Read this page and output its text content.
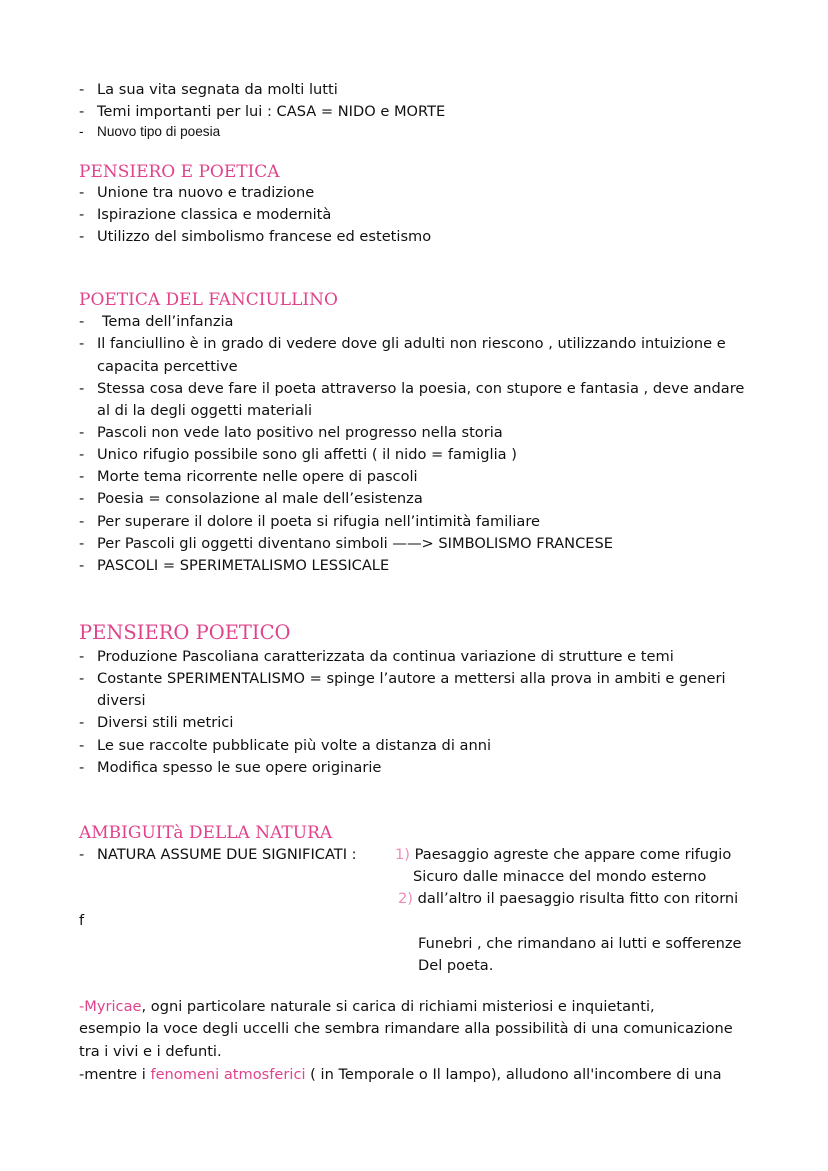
- La sua vita segnata da molti lutti
- Temi importanti per lui : CASA = NIDO e MORTE
- Nuovo tipo di poesia
PENSIERO E POETICA
- Unione tra nuovo e tradizione
- Ispirazione classica e modernità
- Utilizzo del simbolismo francese ed estetismo
POETICA DEL FANCIULLINO
- Tema dell’infanzia
- Il fanciullino è in grado di vedere dove gli adulti non riescono , utilizzando intuizione e
capacita percettive
- Stessa cosa deve fare il poeta attraverso la poesia, con stupore e fantasia , deve andare
al di la degli oggetti materiali
- Pascoli non vede lato positivo nel progresso nella storia
- Unico rifugio possibile sono gli affetti ( il nido = famiglia )
- Morte tema ricorrente nelle opere di pascoli
- Poesia = consolazione al male dell’esistenza
- Per superare il dolore il poeta si rifugia nell’intimità familiare
- Per Pascoli gli oggetti diventano simboli ——> SIMBOLISMO FRANCESE
- PASCOLI = SPERIMETALISMO LESSICALE
PENSIERO POETICO
- Produzione Pascoliana caratterizzata da continua variazione di strutture e temi
- Costante SPERIMENTALISMO = spinge l’autore a mettersi alla prova in ambiti e generi
diversi
- Diversi stili metrici
- Le sue raccolte pubblicate più volte a distanza di anni
- Modifica spesso le sue opere originarie
AMBIGUITà DELLA NATURA
- NATURA ASSUME DUE SIGNIFICATI :	1) Paesaggio agreste che appare come rifugio
Sicuro dalle minacce del mondo esterno
2) dall’altro il paesaggio risulta fitto con ritorni
f
Funebri , che rimandano ai lutti e sofferenze
Del poeta.
-Myricae, ogni particolare naturale si carica di richiami misteriosi e inquietanti,
esempio la voce degli uccelli che sembra rimandare alla possibilità di una comunicazione
tra i vivi e i defunti.
-mentre i fenomeni atmosferici ( in Temporale o Il lampo), alludono all'incombere di una
